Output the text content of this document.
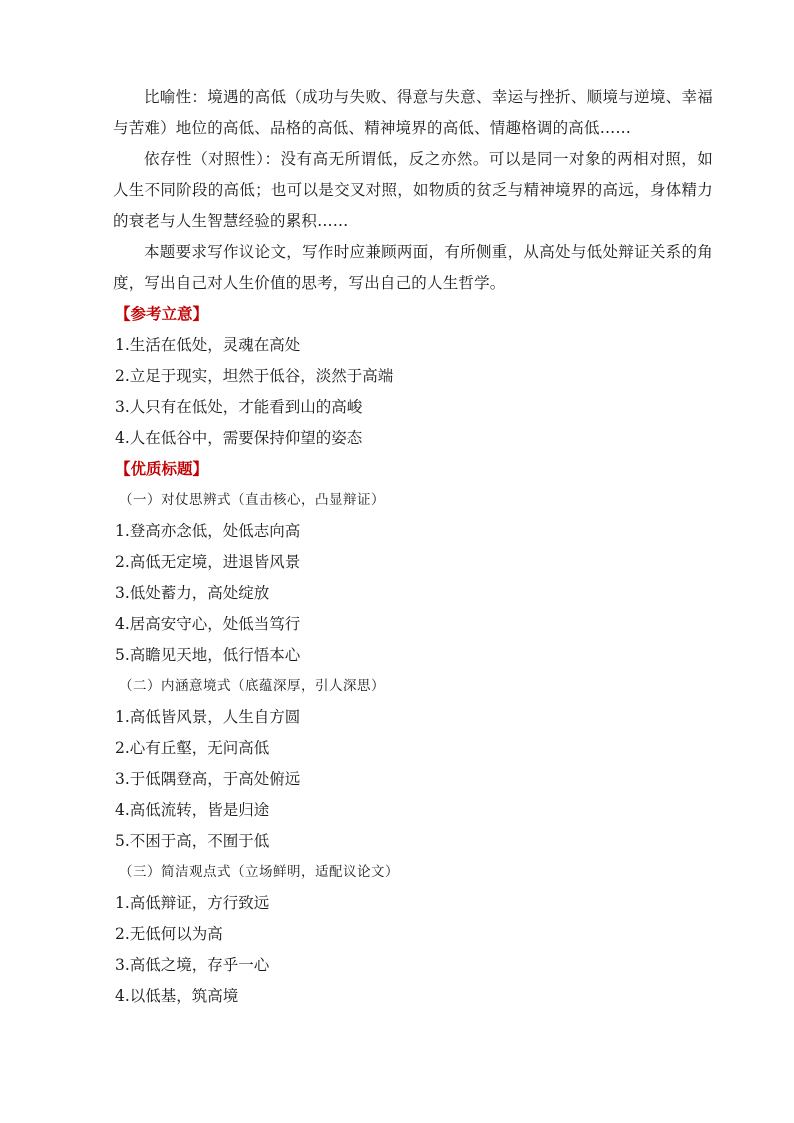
比喻性：境遇的高低（成功与失败、得意与失意、幸运与挫折、顺境与逆境、幸福与苦难）地位的高低、品格的高低、精神境界的高低、情趣格调的高低……

依存性（对照性）：没有高无所谓低，反之亦然。可以是同一对象的两相对照，如人生不同阶段的高低；也可以是交叉对照，如物质的贫乏与精神境界的高远，身体精力的衰老与人生智慧经验的累积……

本题要求写作议论文，写作时应兼顾两面，有所侧重，从高处与低处辩证关系的角度，写出自己对人生价值的思考，写出自己的人生哲学。

【参考立意】

1.生活在低处，灵魂在高处
2.立足于现实，坦然于低谷，淡然于高端
3.人只有在低处，才能看到山的高峻
4.人在低谷中，需要保持仰望的姿态

【优质标题】

（一）对仗思辨式（直击核心，凸显辩证）

1.登高亦念低，处低志向高
2.高低无定境，进退皆风景
3.低处蓄力，高处绽放
4.居高安守心，处低当笃行
5.高瞻见天地，低行悟本心

（二）内涵意境式（底蕴深厚，引人深思）

1.高低皆风景，人生自方圆
2.心有丘壑，无问高低
3.于低隅登高，于高处俯远
4.高低流转，皆是归途
5.不困于高，不囿于低

（三）简洁观点式（立场鲜明，适配议论文）

1.高低辩证，方行致远
2.无低何以为高
3.高低之境，存乎一心
4.以低基，筑高境
